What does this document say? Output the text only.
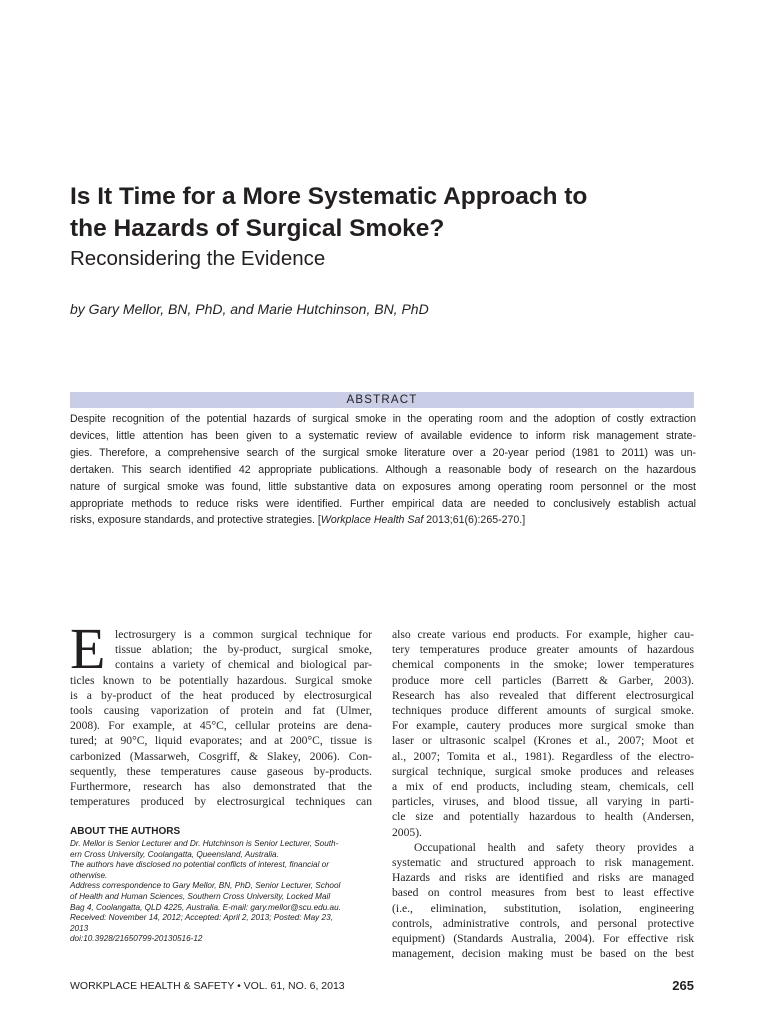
Is It Time for a More Systematic Approach to
the Hazards of Surgical Smoke?
Reconsidering the Evidence
by Gary Mellor, BN, PhD, and Marie Hutchinson, BN, PhD
ABSTRACT
Despite recognition of the potential hazards of surgical smoke in the operating room and the adoption of costly extraction
devices, little attention has been given to a systematic review of available evidence to inform risk management strate-
gies. Therefore, a comprehensive search of the surgical smoke literature over a 20-year period (1981 to 2011) was un-
dertaken. This search identified 42 appropriate publications. Although a reasonable body of research on the hazardous
nature of surgical smoke was found, little substantive data on exposures among operating room personnel or the most
appropriate methods to reduce risks were identified. Further empirical data are needed to conclusively establish actual
risks, exposure standards, and protective strategies. [Workplace Health Saf 2013;61(6):265-270.]
E lectrosurgery is a common surgical technique for
tissue ablation; the by-product, surgical smoke,
contains a variety of chemical and biological par-
ticles known to be potentially hazardous. Surgical smoke
is a by-product of the heat produced by electrosurgical
tools causing vaporization of protein and fat (Ulmer,
2008). For example, at 45°C, cellular proteins are dena-
tured; at 90°C, liquid evaporates; and at 200°C, tissue is
carbonized (Massarweh, Cosgriff, & Slakey, 2006). Con-
sequently, these temperatures cause gaseous by-products.
Furthermore, research has also demonstrated that the
temperatures produced by electrosurgical techniques can
ABOUT THE AUTHORS
Dr. Mellor is Senior Lecturer and Dr. Hutchinson is Senior Lecturer, South-
ern Cross University, Coolangatta, Queensland, Australia.
The authors have disclosed no potential conflicts of interest, financial or
otherwise.
Address correspondence to Gary Mellor, BN, PhD, Senior Lecturer, School
of Health and Human Sciences, Southern Cross University, Locked Mail
Bag 4, Coolangatta, QLD 4225, Australia. E-mail: gary.mellor@scu.edu.au.
Received: November 14, 2012; Accepted: April 2, 2013; Posted: May 23,
2013
doi:10.3928/21650799-20130516-12
also create various end products. For example, higher cau-
tery temperatures produce greater amounts of hazardous
chemical components in the smoke; lower temperatures
produce more cell particles (Barrett & Garber, 2003).
Research has also revealed that different electrosurgical
techniques produce different amounts of surgical smoke.
For example, cautery produces more surgical smoke than
laser or ultrasonic scalpel (Krones et al., 2007; Moot et
al., 2007; Tomita et al., 1981). Regardless of the electro-
surgical technique, surgical smoke produces and releases
a mix of end products, including steam, chemicals, cell
particles, viruses, and blood tissue, all varying in parti-
cle size and potentially hazardous to health (Andersen,
2005).
Occupational health and safety theory provides a
systematic and structured approach to risk management.
Hazards and risks are identified and risks are managed
based on control measures from best to least effective
(i.e., elimination, substitution, isolation, engineering
controls, administrative controls, and personal protective
equipment) (Standards Australia, 2004). For effective risk
management, decision making must be based on the best
WORKPLACE HEALTH & SAFETY • VOL. 61, NO. 6, 2013	265
